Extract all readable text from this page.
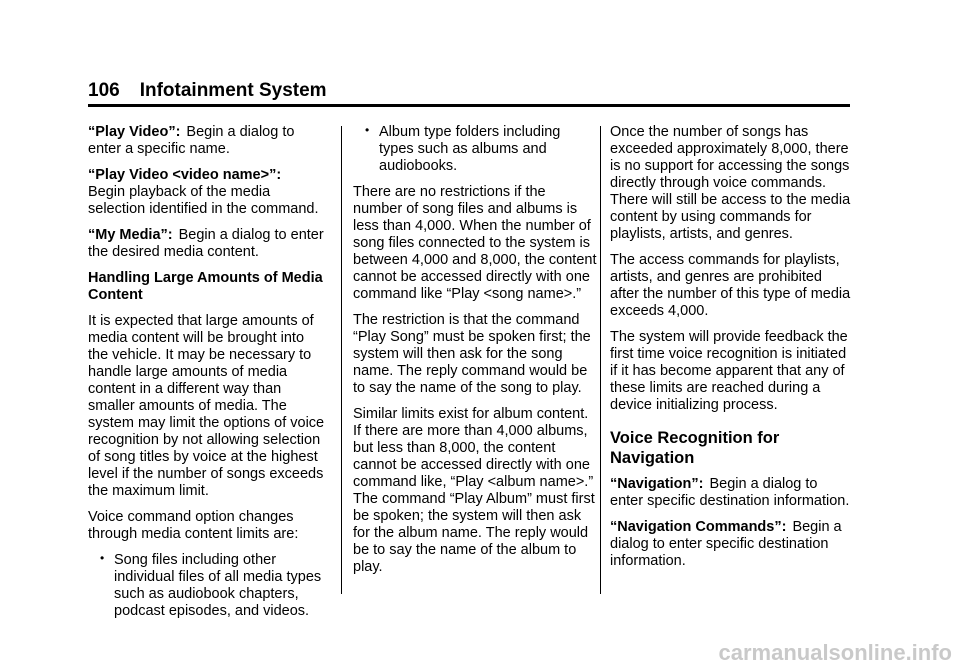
106 Infotainment System

“Play Video”: Begin a dialog to enter a specific name.

“Play Video <video name>”:
Begin playback of the media selection identified in the command.

“My Media”: Begin a dialog to enter the desired media content.

Handling Large Amounts of Media Content

It is expected that large amounts of media content will be brought into the vehicle. It may be necessary to handle large amounts of media content in a different way than smaller amounts of media. The system may limit the options of voice recognition by not allowing selection of song titles by voice at the highest level if the number of songs exceeds the maximum limit.

Voice command option changes through media content limits are:

• Song files including other individual files of all media types such as audiobook chapters, podcast episodes, and videos.
• Album type folders including types such as albums and audiobooks.

There are no restrictions if the number of song files and albums is less than 4,000. When the number of song files connected to the system is between 4,000 and 8,000, the content cannot be accessed directly with one command like “Play <song name>.”

The restriction is that the command “Play Song” must be spoken first; the system will then ask for the song name. The reply command would be to say the name of the song to play.

Similar limits exist for album content. If there are more than 4,000 albums, but less than 8,000, the content cannot be accessed directly with one command like, “Play <album name>.” The command “Play Album” must first be spoken; the system will then ask for the album name. The reply would be to say the name of the album to play.

Once the number of songs has exceeded approximately 8,000, there is no support for accessing the songs directly through voice commands. There will still be access to the media content by using commands for playlists, artists, and genres.

The access commands for playlists, artists, and genres are prohibited after the number of this type of media exceeds 4,000.

The system will provide feedback the first time voice recognition is initiated if it has become apparent that any of these limits are reached during a device initializing process.

Voice Recognition for Navigation

“Navigation”: Begin a dialog to enter specific destination information.

“Navigation Commands”: Begin a dialog to enter specific destination information.

carmanualsonline.info
